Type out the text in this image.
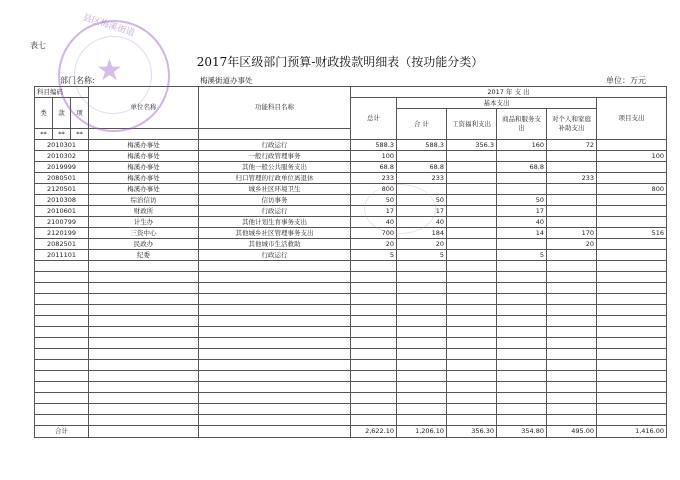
表七
2017年区级部门预算-财政拨款明细表（按功能分类）
部门名称:	梅溪街道办事处	单位：万元
科目编码			单位名称	功能科目名称	2017 年 支 出					
类	款	项			总计	基本支出				项目支出
						合 计	工资福利支出	商品和服务支出	对个人和家庭补助支出	
**	**	**								
2010301			梅溪办事处	行政运行	588.3	588.3	356.3	160	72	
2010302			梅溪办事处	一般行政管理事务	100					100
2019999			梅溪办事处	其他一般公共服务支出	68.8	68.8		68.8		
2080501			梅溪办事处	归口管理的行政单位离退休	233	233			233	
2120501			梅溪办事处	城乡社区环境卫生	800					800
2010308			综治信访	信访事务	50	50		50		
2010601			财政所	行政运行	17	17		17		
2100799			计生办	其他计划生育事务支出	40	40		40		
2120199			三资中心	其他城乡社区管理事务支出	700	184		14	170	516
2082501			民政办	其他城市生活救助	20	20			20	
2011101			纪委	行政运行	5	5		5		

合计					2,622.10	1,206.10	356.30	354.80	495.00	1,416.00
★
县区梅溪街道
